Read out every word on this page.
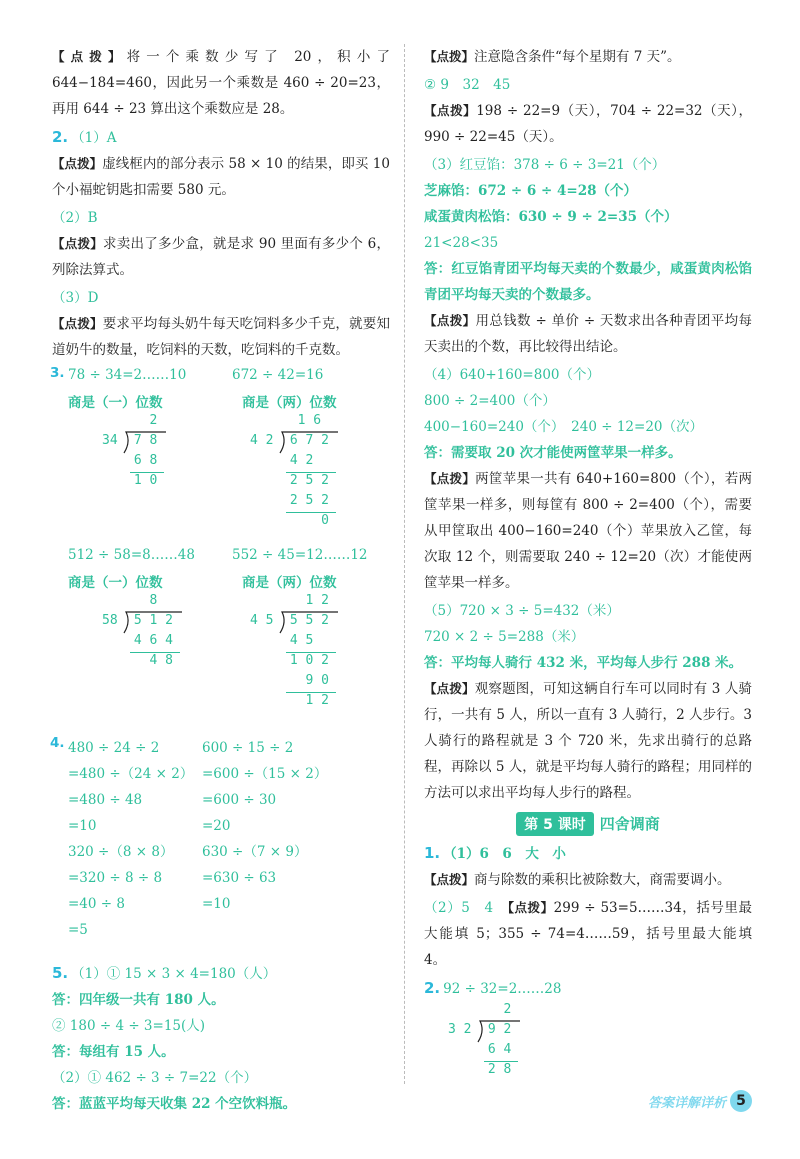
【点拨】将一个乘数少写了 20，积小了 644−184=460，因此另一个乘数是 460 ÷ 20=23，再用 644 ÷ 23 算出这个乘数应是 28。

2. （1）A

【点拨】虚线框内的部分表示 58 × 10 的结果，即买 10 个小福蛇钥匙扣需要 580 元。

（2）B

【点拨】求卖出了多少盒，就是求 90 里面有多少个 6，列除法算式。

（3）D

【点拨】要求平均每头奶牛每天吃饲料多少千克，就要知道奶牛的数量，吃饲料的天数，吃饲料的千克数。

3. 78 ÷ 34=2……10	672 ÷ 42=16
商是（一）位数	商是（两）位数
2
34 7 8
6 8
1 0
1 6
4 2 6 7 2
4 2
2 5 2
2 5 2
0
512 ÷ 58=8……48	552 ÷ 45=12……12
商是（一）位数	商是（两）位数
8
58 5 1 2
4 6 4
4 8
1 2
4 5 5 5 2
4 5
1 0 2
9 0
1 2
4. 480 ÷ 24 ÷ 2
=480 ÷（24 × 2）
=480 ÷ 48
=10
600 ÷ 15 ÷ 2
=600 ÷（15 × 2）
=600 ÷ 30
=20
320 ÷（8 × 8）
=320 ÷ 8 ÷ 8
=40 ÷ 8
=5
630 ÷（7 × 9）
=630 ÷ 63
=10

5. （1）① 15 × 3 × 4=180（人）

答：四年级一共有 180 人。

② 180 ÷ 4 ÷ 3=15(人)

答：每组有 15 人。

（2）① 462 ÷ 3 ÷ 7=22（个）

答：蓝蓝平均每天收集 22 个空饮料瓶。

【点拨】注意隐含条件“每个星期有 7 天”。

② 9　32　45

【点拨】198 ÷ 22=9（天），704 ÷ 22=32（天），990 ÷ 22=45（天）。

（3）红豆馅：378 ÷ 6 ÷ 3=21（个）

芝麻馅：672 ÷ 6 ÷ 4=28（个）

咸蛋黄肉松馅：630 ÷ 9 ÷ 2=35（个）

21<28<35

答：红豆馅青团平均每天卖的个数最少，咸蛋黄肉松馅青团平均每天卖的个数最多。

【点拨】用总钱数 ÷ 单价 ÷ 天数求出各种青团平均每天卖出的个数，再比较得出结论。

（4）640+160=800（个）

800 ÷ 2=400（个）

400−160=240（个）　240 ÷ 12=20（次）

答：需要取 20 次才能使两筐苹果一样多。

【点拨】两筐苹果一共有 640+160=800（个），若两筐苹果一样多，则每筐有 800 ÷ 2=400（个），需要从甲筐取出 400−160=240（个）苹果放入乙筐，每次取 12 个，则需要取 240 ÷ 12=20（次）才能使两筐苹果一样多。

（5）720 × 3 ÷ 5=432（米）

720 × 2 ÷ 5=288（米）

答：平均每人骑行 432 米，平均每人步行 288 米。

【点拨】观察题图，可知这辆自行车可以同时有 3 人骑行，一共有 5 人，所以一直有 3 人骑行，2 人步行。3 人骑行的路程就是 3 个 720 米，先求出骑行的总路程，再除以 5 人，就是平均每人骑行的路程；用同样的方法可以求出平均每人步行的路程。

第 5 课时 四舍调商

1. （1）6　6　大　小

【点拨】商与除数的乘积比被除数大，商需要调小。

（2）5　4　 【点拨】299 ÷ 53=5……34，括号里最大能填 5；355 ÷ 74=4……59，括号里最大能填 4。

2. 92 ÷ 32=2……28

2
3 2 9 2
6 4
2 8
答案详解详析 5
